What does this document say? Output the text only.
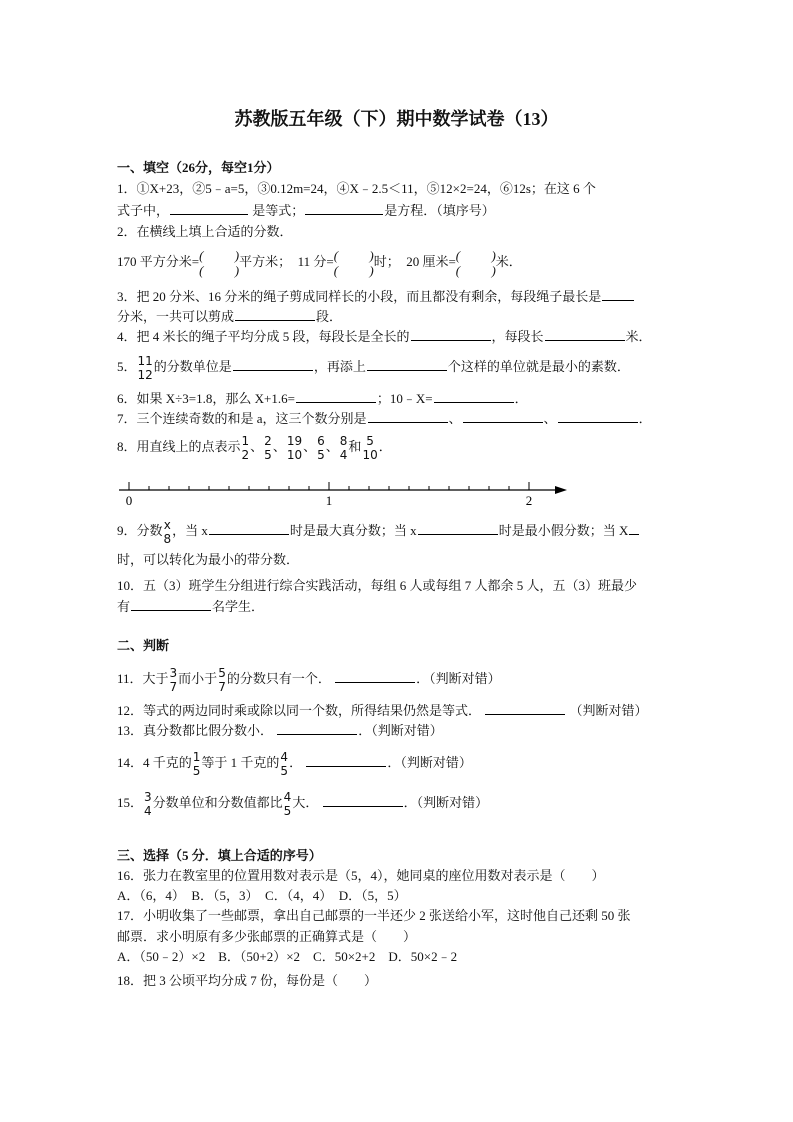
苏教版五年级（下）期中数学试卷（13）
一、填空（26分，每空1分）
1．①X+23，②5﹣a=5，③0.12m=24，④X﹣2.5＜11，⑤12×2=24，⑥12s；在这 6 个
式子中，	是等式；	是方程．（填序号）
2．在横线上填上合适的分数．
170 平方分米= ( )
( )
平方米；　11 分= ( )
( )
时；　20 厘米= ( )
( )
米．
3．把 20 分米、16 分米的绳子剪成同样长的小段，而且都没有剩余，每段绳子最长是
分米，一共可以剪成	段．
4．把 4 米长的绳子平均分成 5 段，每段长是全长的	，每段长	米．
5． 11
12
的分数单位是	，再添上	个这样的单位就是最小的素数．
6．如果 X÷3=1.8，那么 X+1.6=	；10﹣X=	．
7．三个连续奇数的和是 a，这三个数分别是	、	、	．
8．用直线上的点表示 1
2
、 2
5
、 19
10
、 6
5
、 8
4
和 5
10
．
0	1	2
9．分数 x
8
，当 x	时是最大真分数；当 x	时是最小假分数；当 X
时，可以转化为最小的带分数．
10．五（3）班学生分组进行综合实践活动，每组 6 人或每组 7 人都余 5 人，五（3）班最少
有	名学生．
二、判断
11．大于 3
7
而小于 5
7
的分数只有一个．	．（判断对错）
12．等式的两边同时乘或除以同一个数，所得结果仍然是等式．	（判断对错）
13．真分数都比假分数小．	．（判断对错）
14．4 千克的 1
5
等于 1 千克的 4
5
．	．（判断对错）
15． 3
4
分数单位和分数值都比 4
5
大．	．（判断对错）
三、选择（5 分．填上合适的序号）
16．张力在教室里的位置用数对表示是（5，4），她同桌的座位用数对表示是（　　）
A．（6，4）　B．（5，3）　C．（4，4）　D．（5，5）
17．小明收集了一些邮票，拿出自己邮票的一半还少 2 张送给小军，这时他自己还剩 50 张
邮票．求小明原有多少张邮票的正确算式是（　　）
A．（50﹣2）×2　B．（50+2）×2　C．50×2+2　D．50×2﹣2
18．把 3 公顷平均分成 7 份，每份是（　　）
